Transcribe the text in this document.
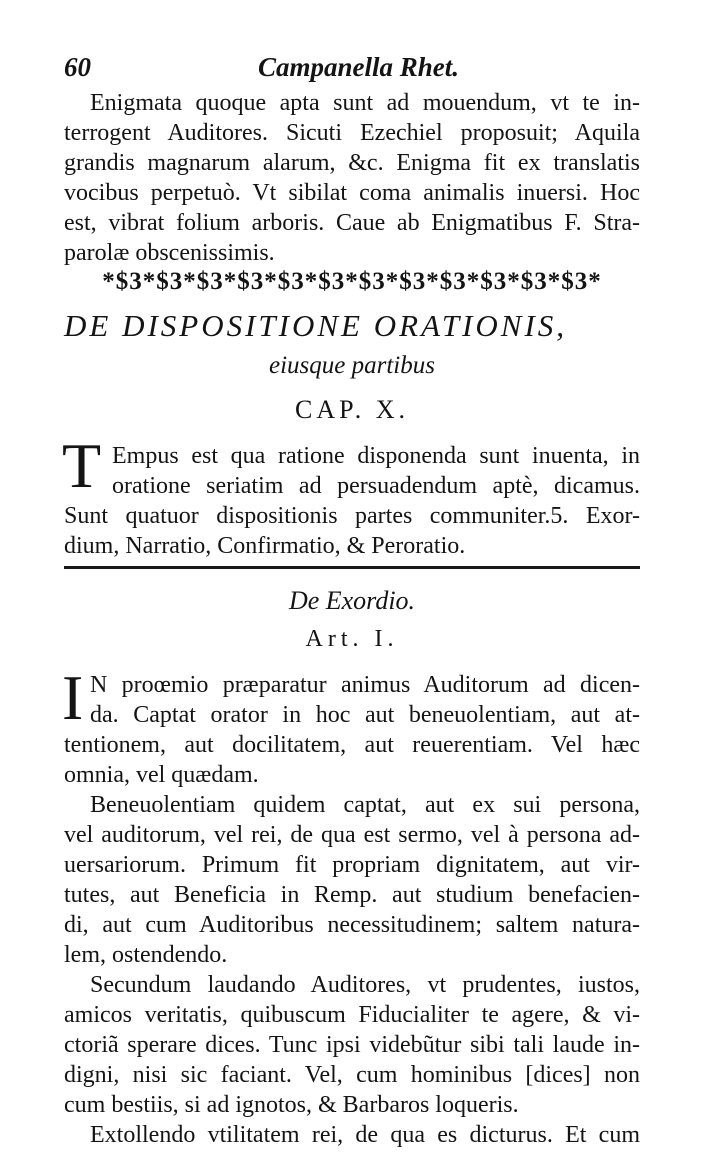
60	Campanella Rhet.
Enigmata quoque apta sunt ad mouendum, vt te in-
terrogent Auditores. Sicuti Ezechiel proposuit; Aquila
grandis magnarum alarum, &c. Enigma fit ex translatis
vocibus perpetuò. Vt sibilat coma animalis inuersi. Hoc
est, vibrat folium arboris. Caue ab Enigmatibus F. Stra-
parolæ obscenissimis.
*$3*$3*$3*$3*$3*$3*$3*$3*$3*$3*$3*$3*
DE DISPOSITIONE ORATIONIS,
eiusque partibus
CAP. X.
T Empus est qua ratione disponenda sunt inuenta, in
oratione seriatim ad persuadendum aptè, dicamus.
Sunt quatuor dispositionis partes communiter.5. Exor-
dium, Narratio, Confirmatio, & Peroratio.
De Exordio.
Art. I.
I N proœmio præparatur animus Auditorum ad dicen-
da. Captat orator in hoc aut beneuolentiam, aut at-
tentionem, aut docilitatem, aut reuerentiam. Vel hæc
omnia, vel quædam.
Beneuolentiam quidem captat, aut ex sui persona,
vel auditorum, vel rei, de qua est sermo, vel à persona ad-
uersariorum. Primum fit propriam dignitatem, aut vir-
tutes, aut Beneficia in Remp. aut studium benefacien-
di, aut cum Auditoribus necessitudinem; saltem natura-
lem, ostendendo.
Secundum laudando Auditores, vt prudentes, iustos,
amicos veritatis, quibuscum Fiducialiter te agere, & vi-
ctoriã sperare dices. Tunc ipsi videbũtur sibi tali laude in-
digni, nisi sic faciant. Vel, cum hominibus [dices] non
cum bestiis, si ad ignotos, & Barbaros loqueris.
Extollendo vtilitatem rei, de qua es dicturus. Et cum
